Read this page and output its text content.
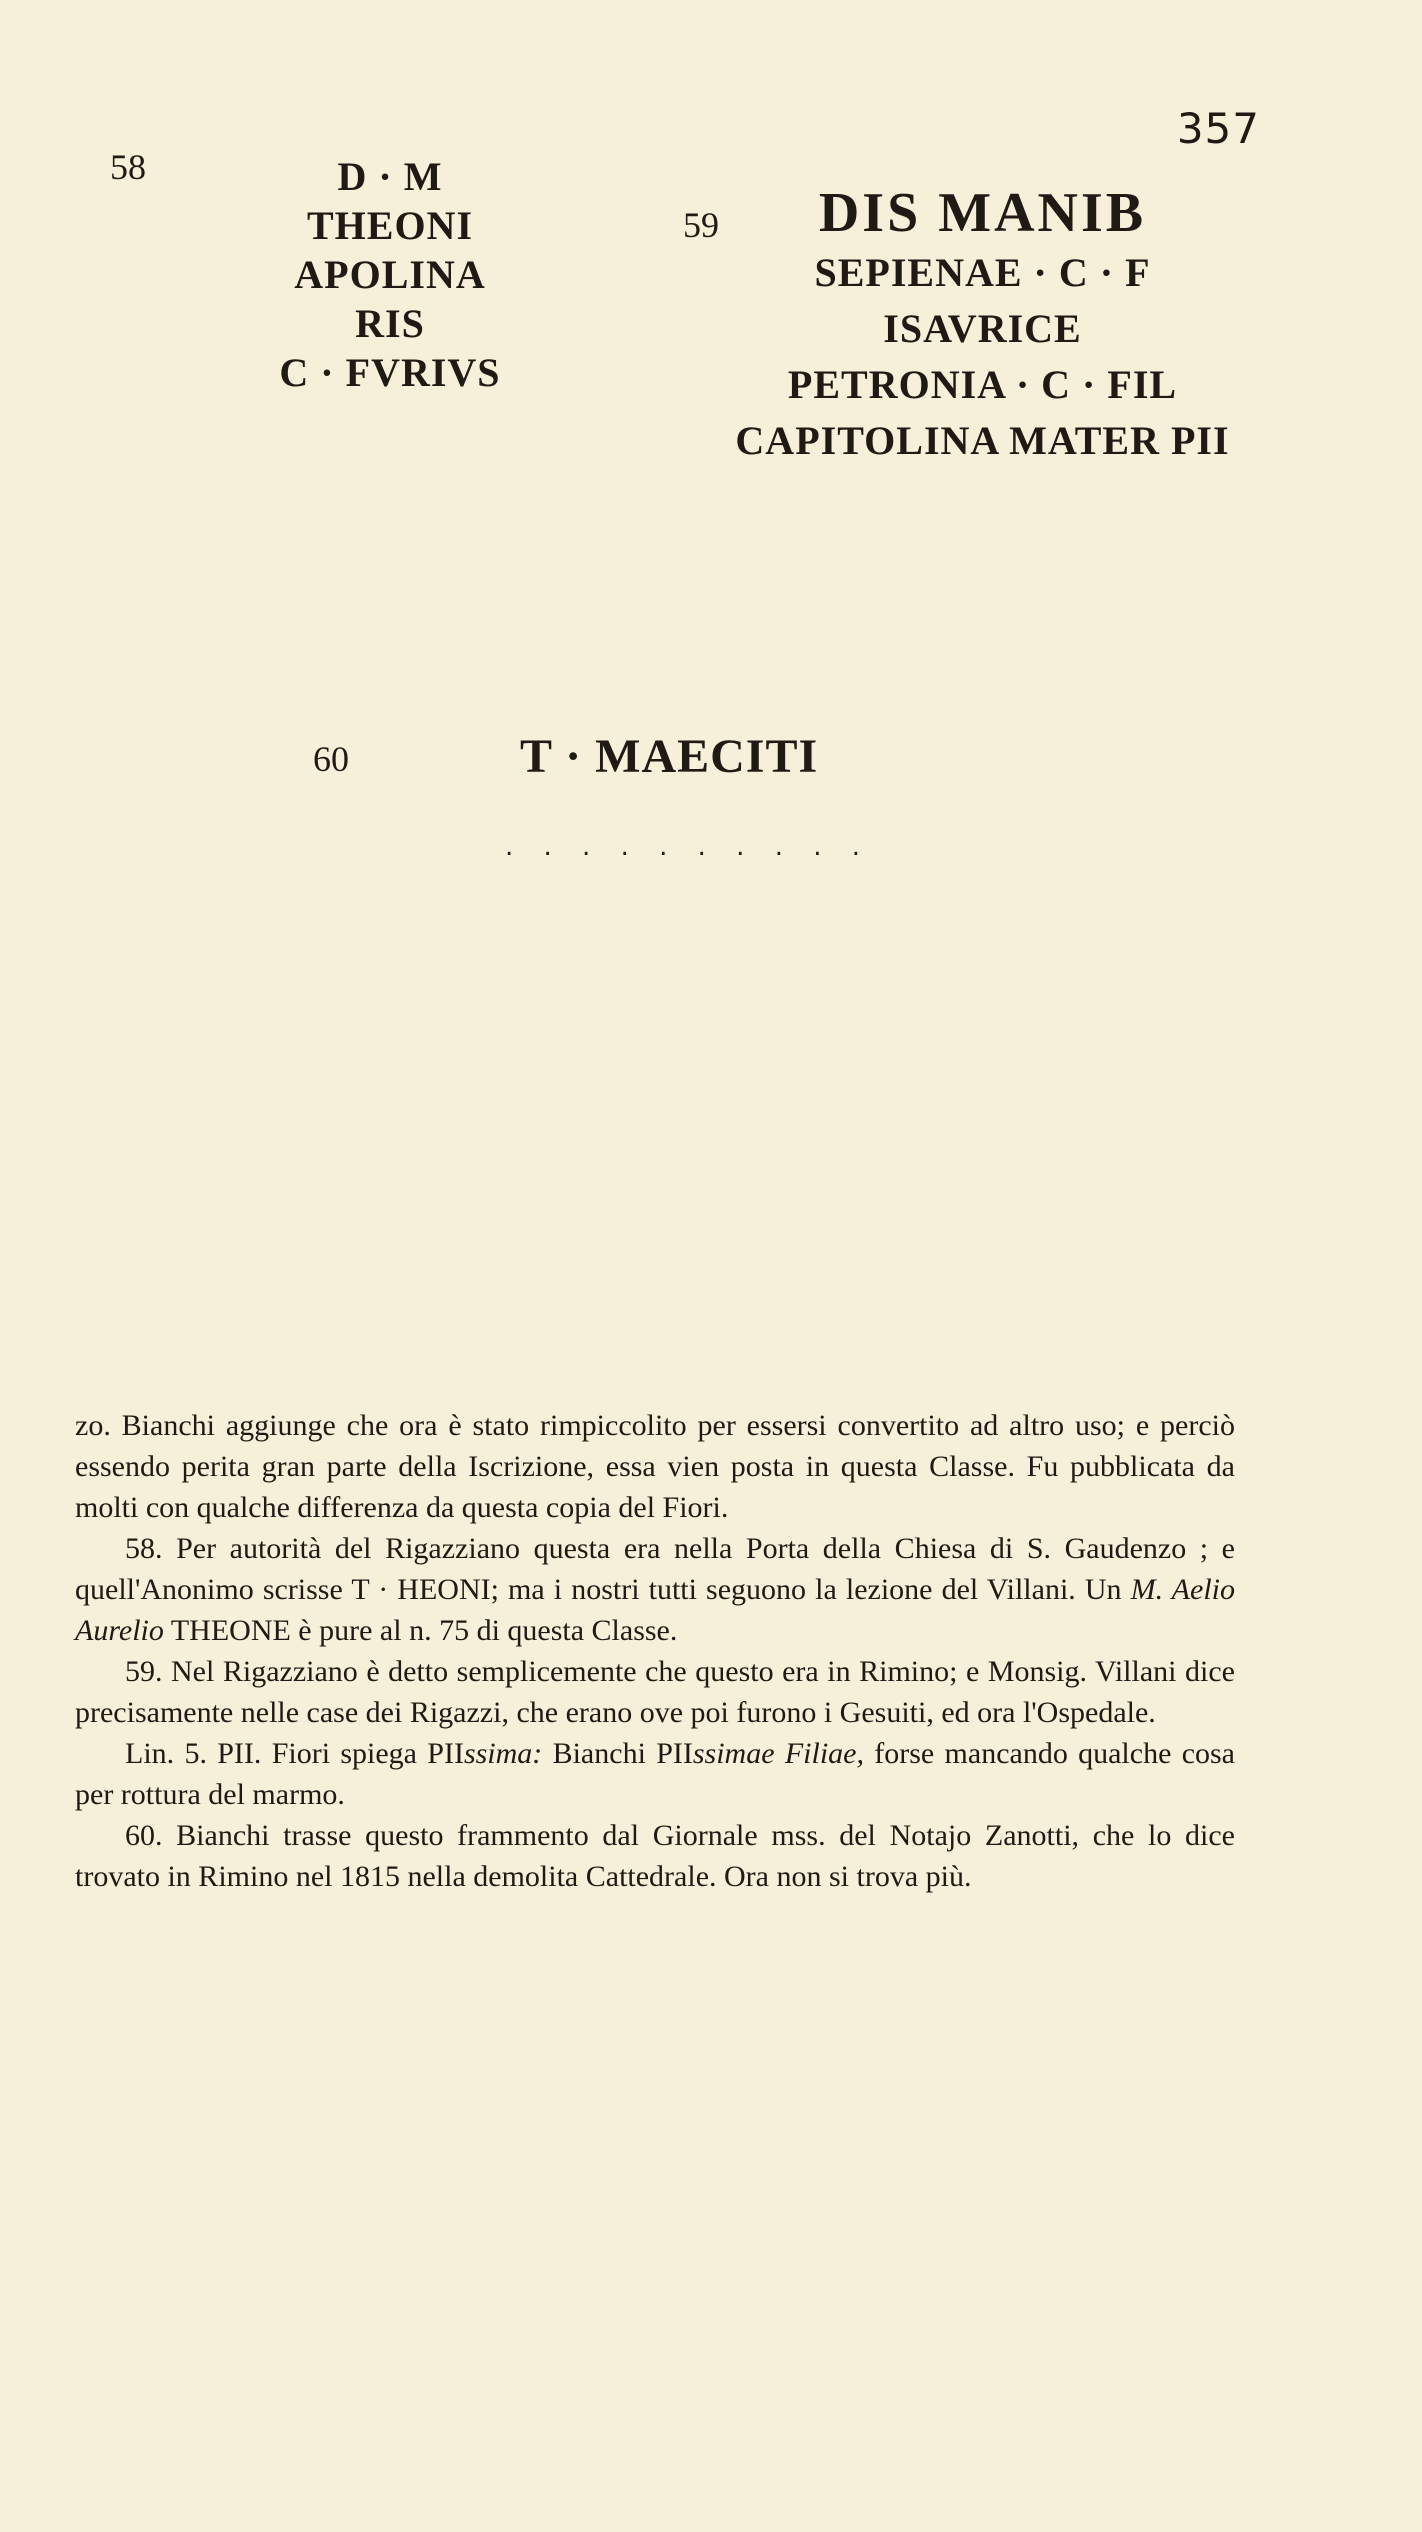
357
58	D · M
THEONI
APOLINA
RIS
C · FVRIVS
59	DIS MANIB
SEPIENAE · C · F
ISAVRICE
PETRONIA · C · FIL
CAPITOLINA MATER PII
60	T · MAECITI
. . . . . . . . . .

zo. Bianchi aggiunge che ora è stato rimpiccolito per essersi convertito ad altro uso; e perciò essendo perita gran parte della Iscrizione, essa vien posta in questa Classe. Fu pubblicata da molti con qualche differenza da questa copia del Fiori.

58. Per autorità del Rigazziano questa era nella Porta della Chiesa di S. Gaudenzo ; e quell'Anonimo scrisse T · HEONI; ma i nostri tutti seguono la lezione del Villani. Un M. Aelio Aurelio THEONE è pure al n. 75 di questa Classe.

59. Nel Rigazziano è detto semplicemente che questo era in Rimino; e Monsig. Villani dice precisamente nelle case dei Rigazzi, che erano ove poi furono i Gesuiti, ed ora l'Ospedale.

Lin. 5. PII. Fiori spiega PIIssima: Bianchi PIIssimae Filiae, forse mancando qualche cosa per rottura del marmo.

60. Bianchi trasse questo frammento dal Giornale mss. del Notajo Zanotti, che lo dice trovato in Rimino nel 1815 nella demolita Cattedrale. Ora non si trova più.
